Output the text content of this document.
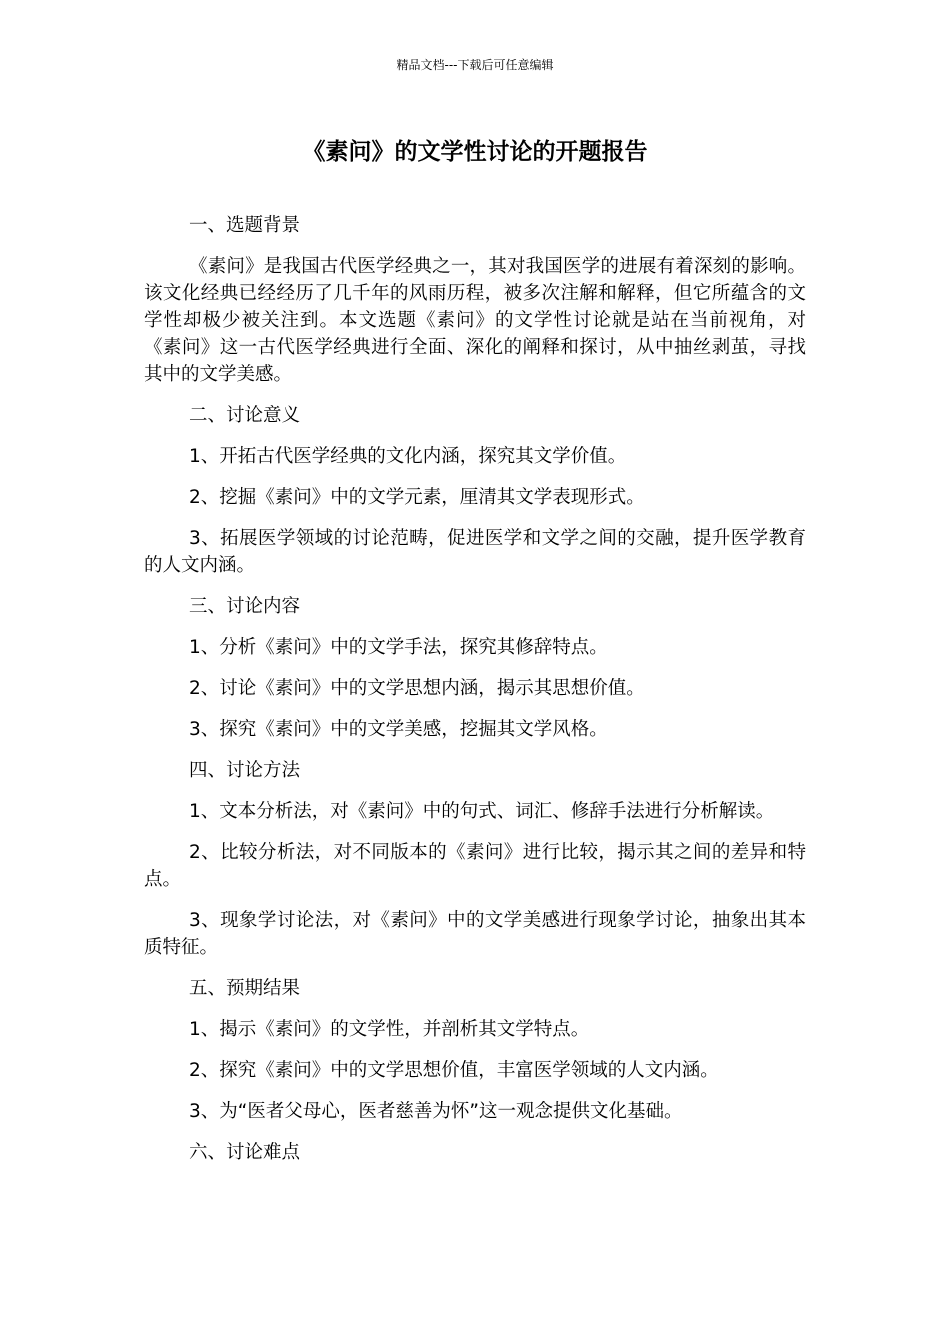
精品文档---下载后可任意编辑
《素问》的文学性讨论的开题报告

一、选题背景

《素问》是我国古代医学经典之一，其对我国医学的进展有着深刻的影响。该文化经典已经经历了几千年的风雨历程，被多次注解和解释，但它所蕴含的文学性却极少被关注到。本文选题《素问》的文学性讨论就是站在当前视角，对《素问》这一古代医学经典进行全面、深化的阐释和探讨，从中抽丝剥茧，寻找其中的文学美感。

二、讨论意义

1、开拓古代医学经典的文化内涵，探究其文学价值。

2、挖掘《素问》中的文学元素，厘清其文学表现形式。

3、拓展医学领域的讨论范畴，促进医学和文学之间的交融，提升医学教育的人文内涵。

三、讨论内容

1、分析《素问》中的文学手法，探究其修辞特点。

2、讨论《素问》中的文学思想内涵，揭示其思想价值。

3、探究《素问》中的文学美感，挖掘其文学风格。

四、讨论方法

1、文本分析法，对《素问》中的句式、词汇、修辞手法进行分析解读。

2、比较分析法，对不同版本的《素问》进行比较，揭示其之间的差异和特点。

3、现象学讨论法，对《素问》中的文学美感进行现象学讨论，抽象出其本质特征。

五、预期结果

1、揭示《素问》的文学性，并剖析其文学特点。

2、探究《素问》中的文学思想价值，丰富医学领域的人文内涵。

3、为“医者父母心，医者慈善为怀”这一观念提供文化基础。

六、讨论难点
